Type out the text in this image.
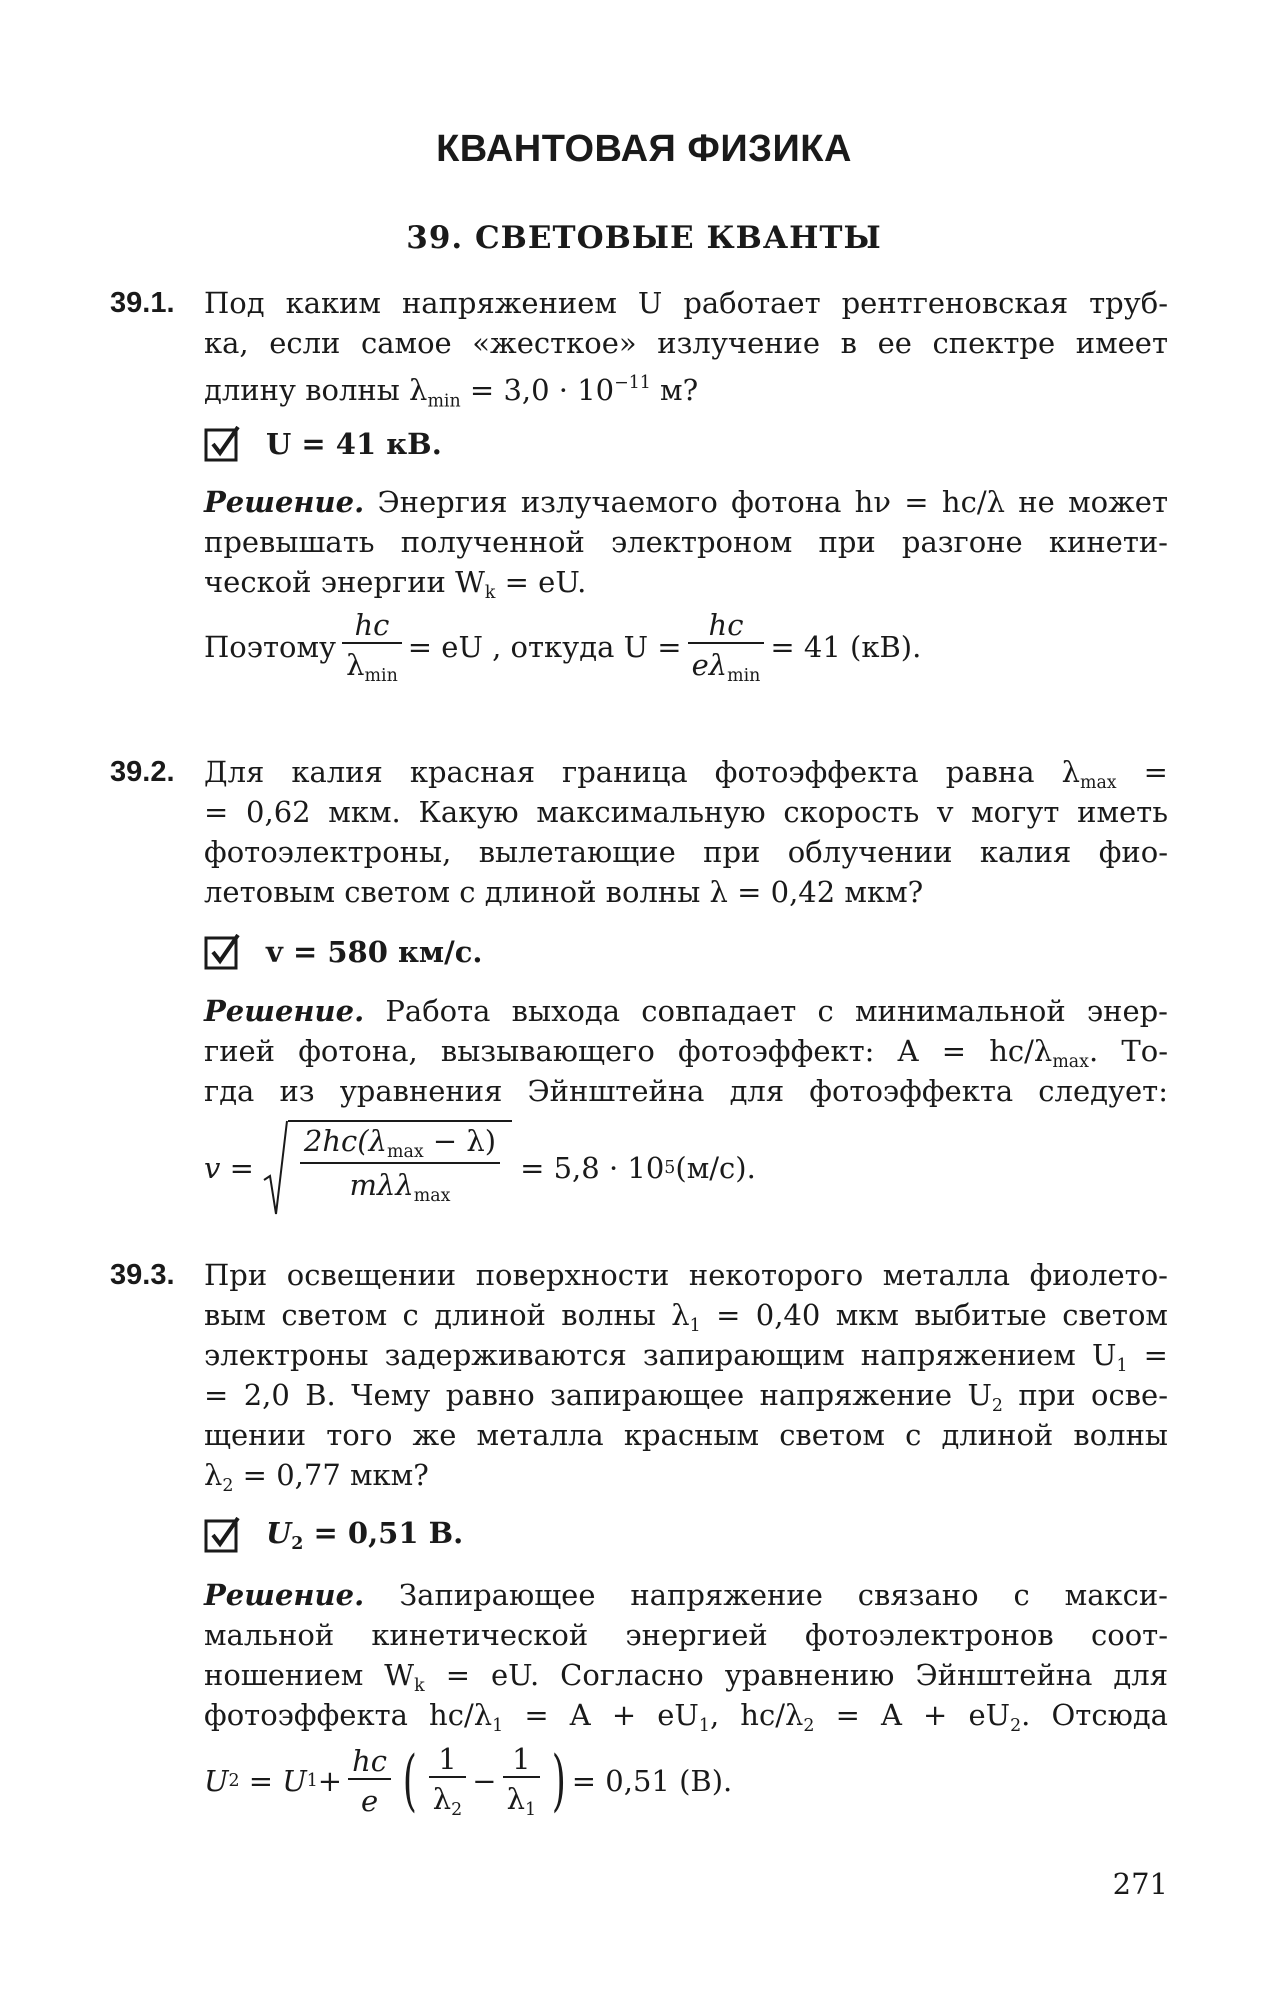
КВАНТОВАЯ ФИЗИКА
39. СВЕТОВЫЕ КВАНТЫ
39.1. Под каким напряжением U работает рентгеновская труб-
ка, если самое «жесткое» излучение в ее спектре имеет
длину волны $\lambda_{min} = 3,0 \cdot 10^{-11}$ м?
U = 41 кВ.
Решение. Энергия излучаемого фотона hν = hc/λ не может
превышать полученной электроном при разгоне кинети-
ческой энергии $W_k$ = eU.
Поэтому $\frac{hc}{\lambda_{min}}$ = eU , откуда $U = \frac{hc}{e\lambda_{min}} = 41$ (кВ).
39.2. Для калия красная граница фотоэффекта равна $\lambda_{max}$ =
= 0,62 мкм. Какую максимальную скорость v могут иметь
фотоэлектроны, вылетающие при облучении калия фио-
летовым светом с длиной волны λ = 0,42 мкм?
v = 580 км/с.
Решение. Работа выхода совпадает с минимальной энер-
гией фотона, вызывающего фотоэффект: $A = hc/\lambda_{max}$. То-
гда из уравнения Эйнштейна для фотоэффекта следует:
$v = \frac{2hc(\lambda_{max} - \lambda)}{m\lambda\lambda_{max}} = 5,8 \cdot 10$ 5 (м/с).
39.3. При освещении поверхности некоторого металла фиолето-
вым светом с длиной волны $\lambda_1 = 0,40$ мкм выбитые светом
электроны задерживаются запирающим напряжением $U_1$ =
= 2,0 В. Чему равно запирающее напряжение $U_2$ при осве-
щении того же металла красным светом с длиной волны
$\lambda_2 = 0,77$ мкм?
$U_2 = 0,51$ В.
Решение. Запирающее напряжение связано с макси-
мальной кинетической энергией фотоэлектронов соот-
ношением $W_k$ = eU. Согласно уравнению Эйнштейна для
фотоэффекта $hc/\lambda_1 = A + eU_1$, $hc/\lambda_2 = A + eU_2$. Отсюда
U 2
= U $1 + \frac{hc}{e}$ ( $\frac{1}{\lambda_2} - \frac{1}{\lambda_1}$ ) = 0,51 (В).
271
